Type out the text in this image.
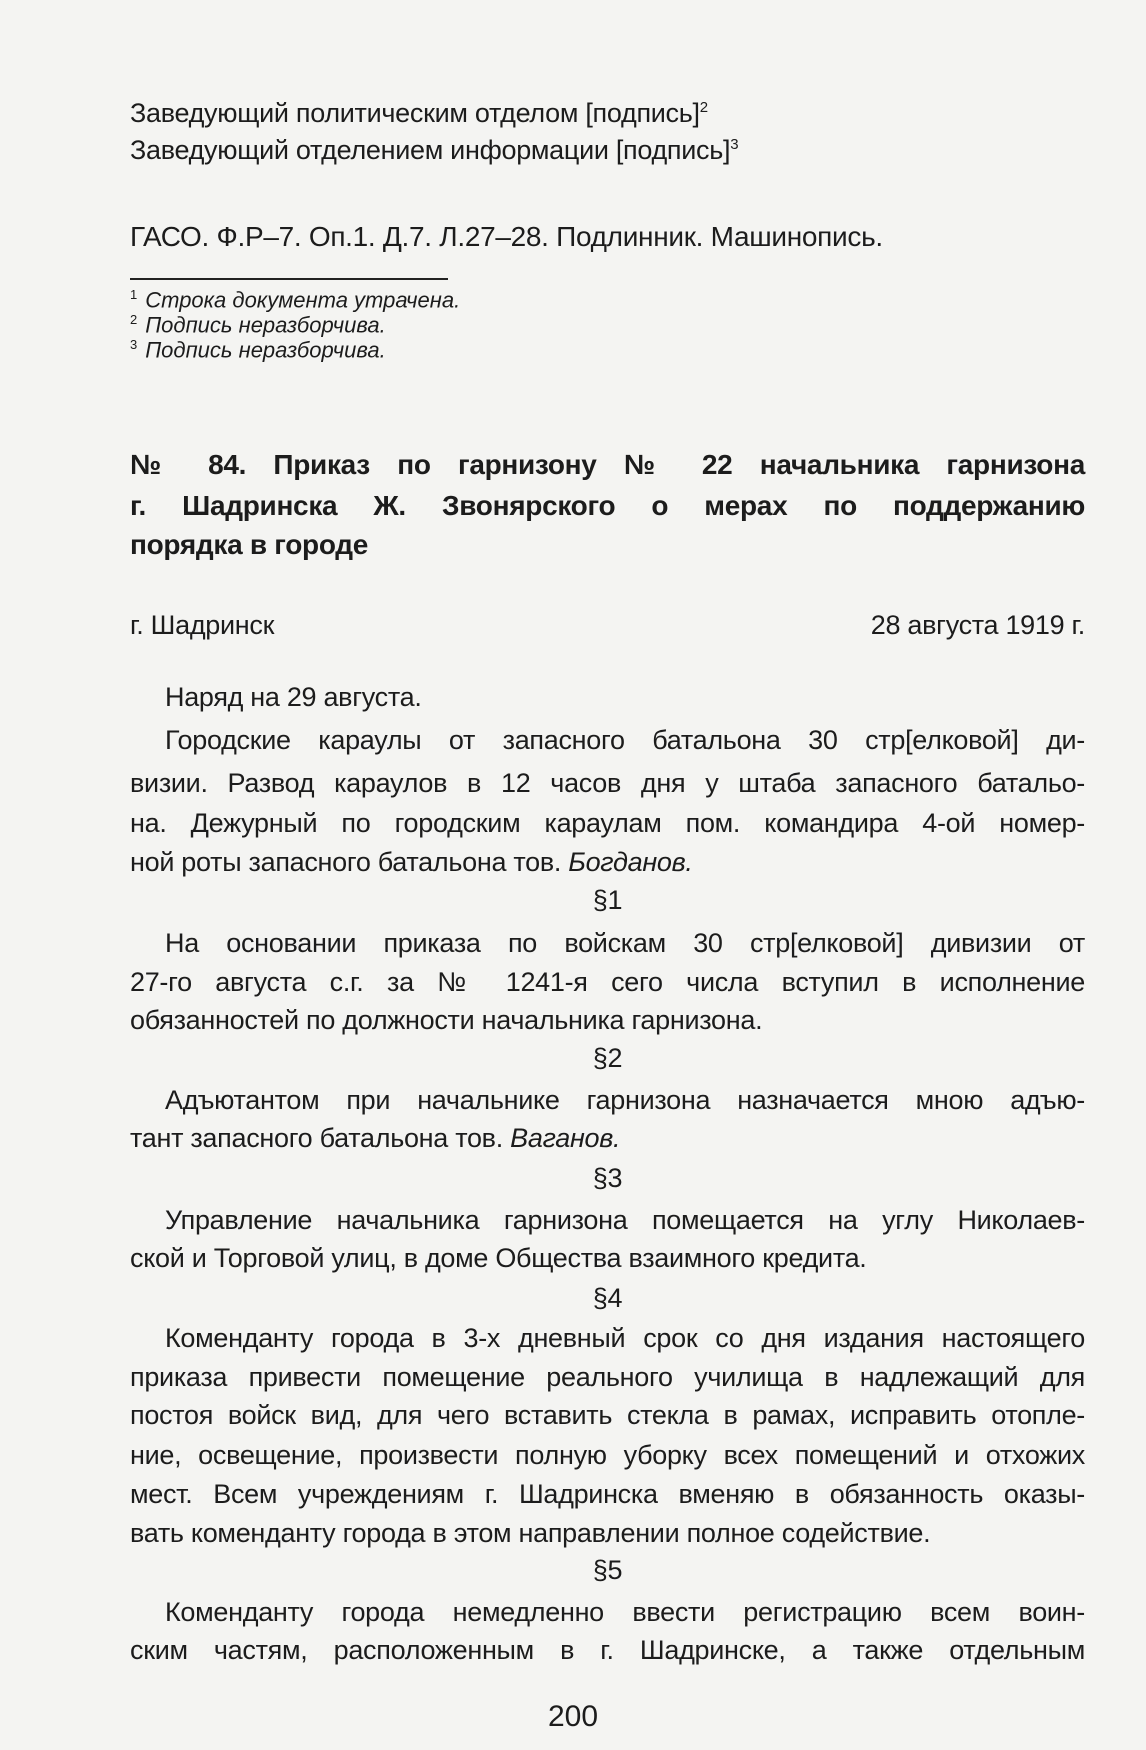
Заведующий политическим отделом [подпись]$^2$
Заведующий отделением информации [подпись]$^3$
ГАСО. Ф.Р–7. Оп.1. Д.7. Л.27–28. Подлинник. Машинопись.
$^1$ Строка документа утрачена.
$^2$ Подпись неразборчива.
$^3$ Подпись неразборчива.
№ 84. Приказ по гарнизону № 22 начальника гарнизона
г. Шадринска Ж. Звонярского о мерах по поддержанию
порядка в городе
г. Шадринск	28 августа 1919 г.
Наряд на 29 августа.
Городские караулы от запасного батальона 30 стр[елковой] ди-
визии. Развод караулов в 12 часов дня у штаба запасного батальо-
на. Дежурный по городским караулам пом. командира 4-ой номер-
ной роты запасного батальона тов. Богданов.
§1
На основании приказа по войскам 30 стр[елковой] дивизии от
27-го августа с.г. за № 1241-я сего числа вступил в исполнение
обязанностей по должности начальника гарнизона.
§2
Адъютантом при начальнике гарнизона назначается мною адъю-
тант запасного батальона тов. Ваганов.
§3
Управление начальника гарнизона помещается на углу Николаев-
ской и Торговой улиц, в доме Общества взаимного кредита.
§4
Коменданту города в 3-х дневный срок со дня издания настоящего
приказа привести помещение реального училища в надлежащий для
постоя войск вид, для чего вставить стекла в рамах, исправить отопле-
ние, освещение, произвести полную уборку всех помещений и отхожих
мест. Всем учреждениям г. Шадринска вменяю в обязанность оказы-
вать коменданту города в этом направлении полное содействие.
§5
Коменданту города немедленно ввести регистрацию всем воин-
ским частям, расположенным в г. Шадринске, а также отдельным
200
